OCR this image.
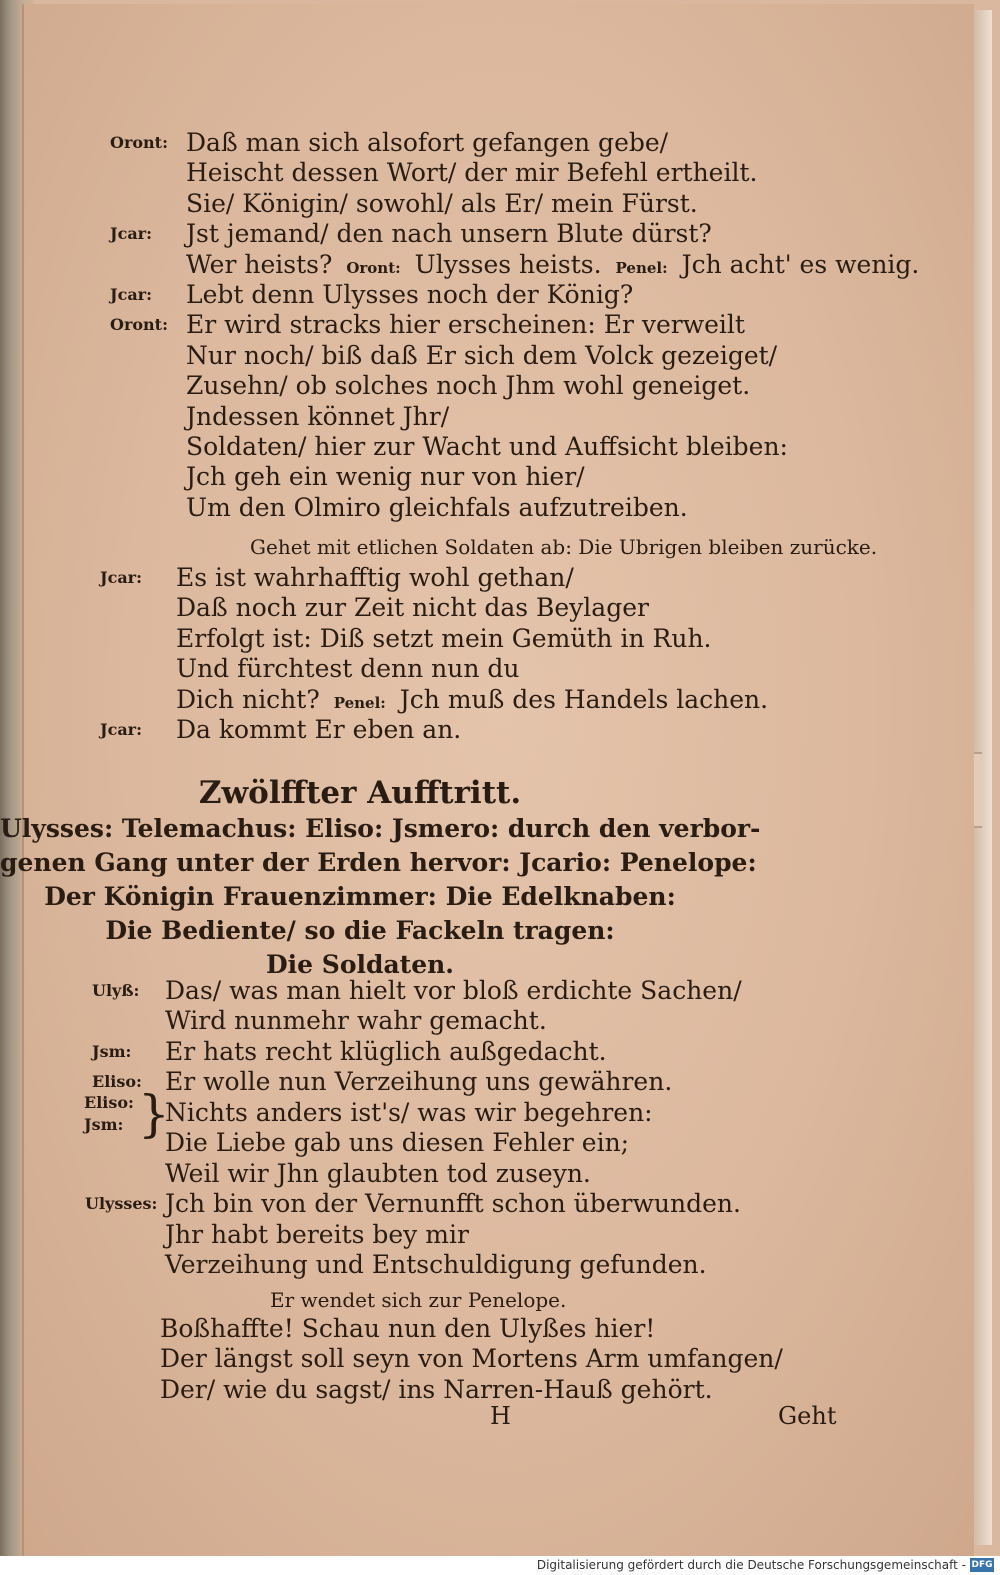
Oront: Daß man sich alsofort gefangen gebe/
Heischt dessen Wort/ der mir Befehl ertheilt.
Sie/ Königin/ sowohl/ als Er/ mein Fürst.
Jcar: Jst jemand/ den nach unsern Blute dürst?
Wer heists? Oront: Ulysses heists. Penel: Jch acht' es wenig.
Jcar: Lebt denn Ulysses noch der König?
Oront: Er wird stracks hier erscheinen: Er verweilt
Nur noch/ biß daß Er sich dem Volck gezeiget/
Zusehn/ ob solches noch Jhm wohl geneiget.
Jndessen könnet Jhr/
Soldaten/ hier zur Wacht und Auffsicht bleiben:
Jch geh ein wenig nur von hier/
Um den Olmiro gleichfals aufzutreiben.
Gehet mit etlichen Soldaten ab: Die Ubrigen bleiben zurücke.
Jcar: Es ist wahrhafftig wohl gethan/
Daß noch zur Zeit nicht das Beylager
Erfolgt ist: Diß setzt mein Gemüth in Ruh.
Und fürchtest denn nun du
Dich nicht? Penel: Jch muß des Handels lachen.
Jcar: Da kommt Er eben an.
Zwölffter Aufftritt.
Ulysses: Telemachus: Eliso: Jsmero: durch den verbor-
genen Gang unter der Erden hervor: Jcario: Penelope:
Der Königin Frauenzimmer: Die Edelknaben:
Die Bediente/ so die Fackeln tragen:
Die Soldaten.
Ulyß: Das/ was man hielt vor bloß erdichte Sachen/
Wird nunmehr wahr gemacht.
Jsm: Er hats recht klüglich außgedacht.
Eliso: Er wolle nun Verzeihung uns gewähren.
Eliso:
Jsm: }
Nichts anders ist's/ was wir begehren:
Die Liebe gab uns diesen Fehler ein;
Weil wir Jhn glaubten tod zuseyn.
Ulysses: Jch bin von der Vernunfft schon überwunden.
Jhr habt bereits bey mir
Verzeihung und Entschuldigung gefunden.
Er wendet sich zur Penelope.
Boßhaffte! Schau nun den Ulyßes hier!
Der längst soll seyn von Mortens Arm umfangen/
Der/ wie du sagst/ ins Narren-Hauß gehört.
H	Geht
Digitalisierung gefördert durch die Deutsche Forschungsgemeinschaft - DFG
